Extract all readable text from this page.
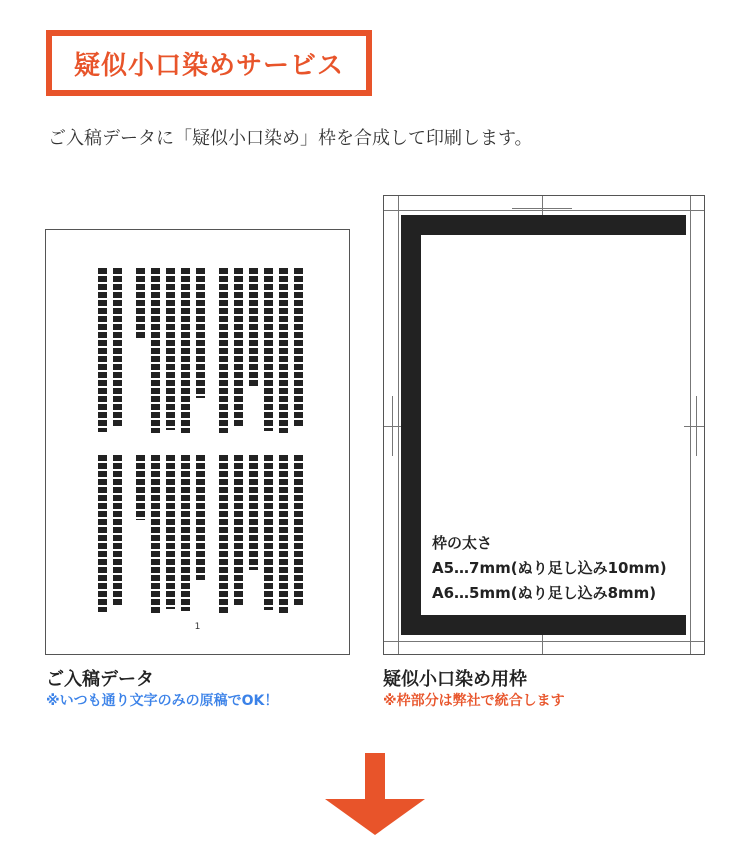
疑似小口染めサービス
ご入稿データに「疑似小口染め」枠を合成して印刷します。
1
枠の太さ
A5…7mm(ぬり足し込み10mm)
A6…5mm(ぬり足し込み8mm)
ご入稿データ
※いつも通り文字のみの原稿でOK！
疑似小口染め用枠
※枠部分は弊社で統合します
